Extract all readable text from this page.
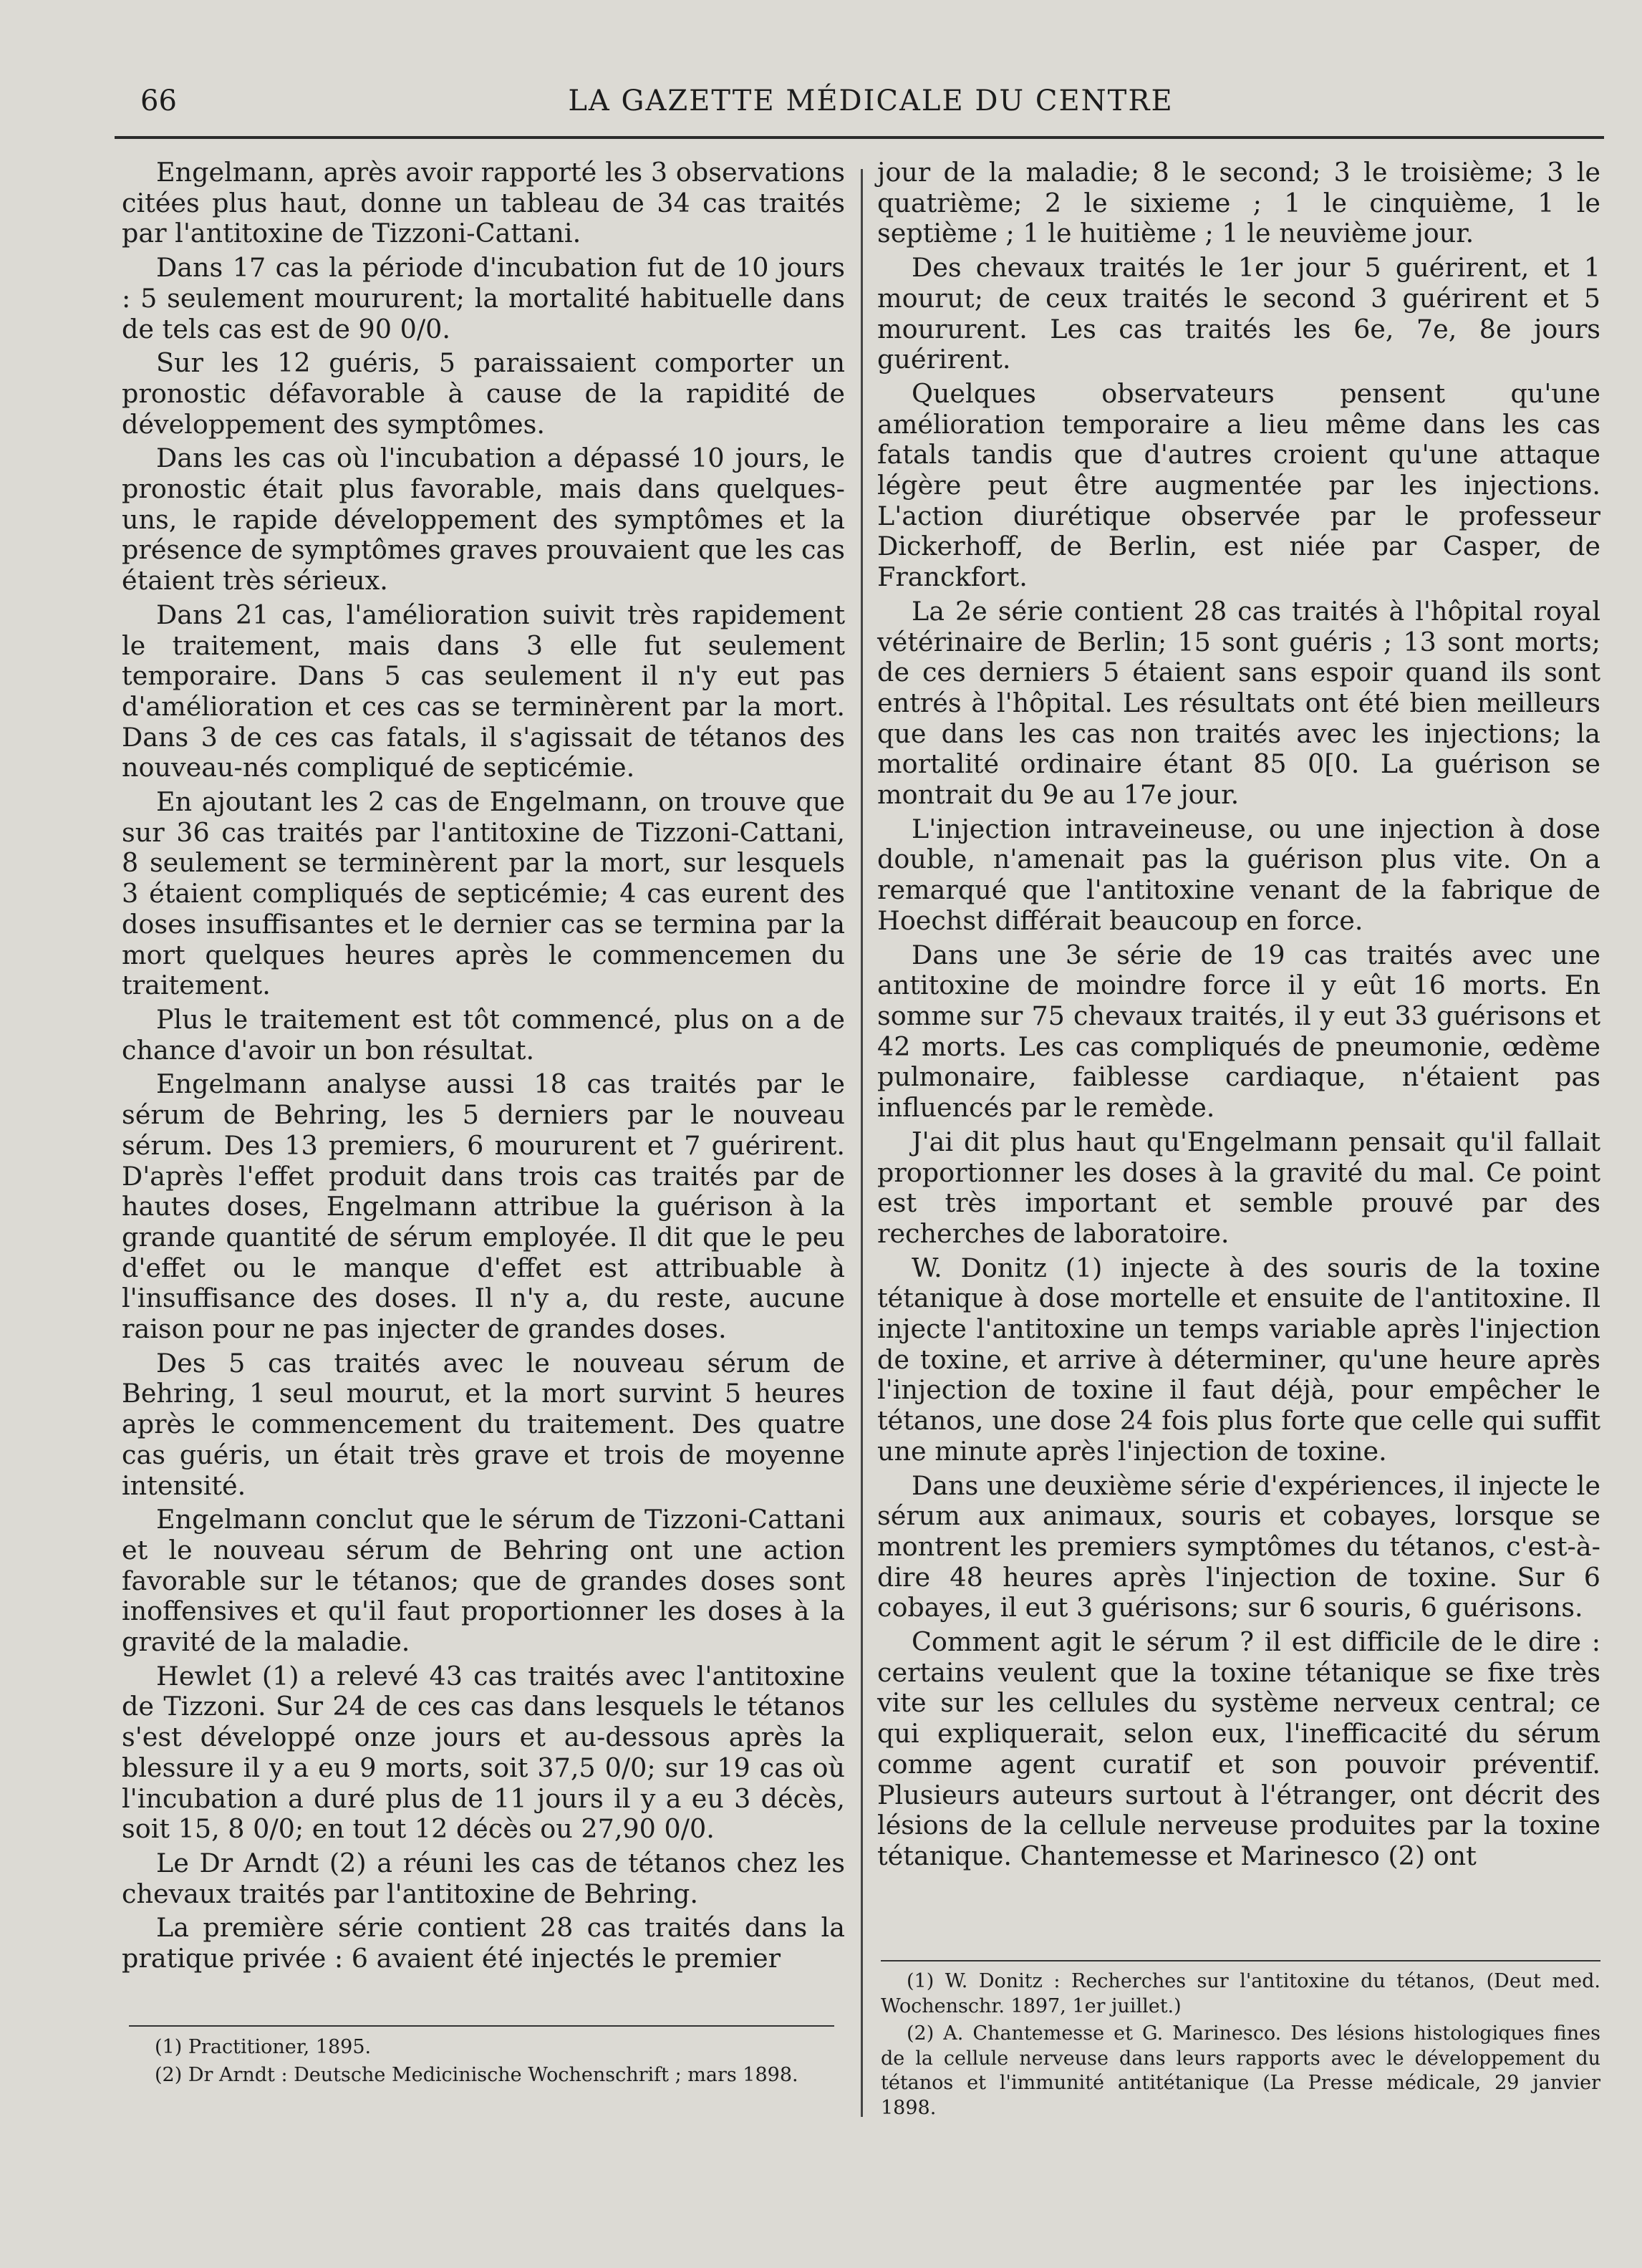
66	LA GAZETTE MÉDICALE DU CENTRE

Engelmann, après avoir rapporté les 3 observations citées plus haut, donne un tableau de 34 cas traités par l'antitoxine de Tizzoni-Cattani.

Dans 17 cas la période d'incubation fut de 10 jours : 5 seulement moururent; la mortalité habituelle dans de tels cas est de 90 0/0.

Sur les 12 guéris, 5 paraissaient comporter un pronostic défavorable à cause de la rapidité de développement des symptômes.

Dans les cas où l'incubation a dépassé 10 jours, le pronostic était plus favorable, mais dans quelques-uns, le rapide développement des symptômes et la présence de symptômes graves prouvaient que les cas étaient très sérieux.

Dans 21 cas, l'amélioration suivit très rapidement le traitement, mais dans 3 elle fut seulement temporaire. Dans 5 cas seulement il n'y eut pas d'amélioration et ces cas se terminèrent par la mort. Dans 3 de ces cas fatals, il s'agissait de tétanos des nouveau-nés compliqué de septicémie.

En ajoutant les 2 cas de Engelmann, on trouve que sur 36 cas traités par l'antitoxine de Tizzoni-Cattani, 8 seulement se terminèrent par la mort, sur lesquels 3 étaient compliqués de septicémie; 4 cas eurent des doses insuffisantes et le dernier cas se termina par la mort quelques heures après le commencemen du traitement.

Plus le traitement est tôt commencé, plus on a de chance d'avoir un bon résultat.

Engelmann analyse aussi 18 cas traités par le sérum de Behring, les 5 derniers par le nouveau sérum. Des 13 premiers, 6 moururent et 7 guérirent. D'après l'effet produit dans trois cas traités par de hautes doses, Engelmann attribue la guérison à la grande quantité de sérum employée. Il dit que le peu d'effet ou le manque d'effet est attribuable à l'insuffisance des doses. Il n'y a, du reste, aucune raison pour ne pas injecter de grandes doses.

Des 5 cas traités avec le nouveau sérum de Behring, 1 seul mourut, et la mort survint 5 heures après le commencement du traitement. Des quatre cas guéris, un était très grave et trois de moyenne intensité.

Engelmann conclut que le sérum de Tizzoni-Cattani et le nouveau sérum de Behring ont une action favorable sur le tétanos; que de grandes doses sont inoffensives et qu'il faut proportionner les doses à la gravité de la maladie.

Hewlet (1) a relevé 43 cas traités avec l'antitoxine de Tizzoni. Sur 24 de ces cas dans lesquels le tétanos s'est développé onze jours et au-dessous après la blessure il y a eu 9 morts, soit 37,5 0/0; sur 19 cas où l'incubation a duré plus de 11 jours il y a eu 3 décès, soit 15, 8 0/0; en tout 12 décès ou 27,90 0/0.

Le Dr Arndt (2) a réuni les cas de tétanos chez les chevaux traités par l'antitoxine de Behring.

La première série contient 28 cas traités dans la pratique privée : 6 avaient été injectés le premier

jour de la maladie; 8 le second; 3 le troisième; 3 le quatrième; 2 le sixieme ; 1 le cinquième, 1 le septième ; 1 le huitième ; 1 le neuvième jour.

Des chevaux traités le 1er jour 5 guérirent, et 1 mourut; de ceux traités le second 3 guérirent et 5 moururent. Les cas traités les 6e, 7e, 8e jours guérirent.

Quelques observateurs pensent qu'une amélioration temporaire a lieu même dans les cas fatals tandis que d'autres croient qu'une attaque légère peut être augmentée par les injections. L'action diurétique observée par le professeur Dickerhoff, de Berlin, est niée par Casper, de Franckfort.

La 2e série contient 28 cas traités à l'hôpital royal vétérinaire de Berlin; 15 sont guéris ; 13 sont morts; de ces derniers 5 étaient sans espoir quand ils sont entrés à l'hôpital. Les résultats ont été bien meilleurs que dans les cas non traités avec les injections; la mortalité ordinaire étant 85 0[0. La guérison se montrait du 9e au 17e jour.

L'injection intraveineuse, ou une injection à dose double, n'amenait pas la guérison plus vite. On a remarqué que l'antitoxine venant de la fabrique de Hoechst différait beaucoup en force.

Dans une 3e série de 19 cas traités avec une antitoxine de moindre force il y eût 16 morts. En somme sur 75 chevaux traités, il y eut 33 guérisons et 42 morts. Les cas compliqués de pneumonie, œdème pulmonaire, faiblesse cardiaque, n'étaient pas influencés par le remède.

J'ai dit plus haut qu'Engelmann pensait qu'il fallait proportionner les doses à la gravité du mal. Ce point est très important et semble prouvé par des recherches de laboratoire.

W. Donitz (1) injecte à des souris de la toxine tétanique à dose mortelle et ensuite de l'antitoxine. Il injecte l'antitoxine un temps variable après l'injection de toxine, et arrive à déterminer, qu'une heure après l'injection de toxine il faut déjà, pour empêcher le tétanos, une dose 24 fois plus forte que celle qui suffit une minute après l'injection de toxine.

Dans une deuxième série d'expériences, il injecte le sérum aux animaux, souris et cobayes, lorsque se montrent les premiers symptômes du tétanos, c'est-à-dire 48 heures après l'injection de toxine. Sur 6 cobayes, il eut 3 guérisons; sur 6 souris, 6 guérisons.

Comment agit le sérum ? il est difficile de le dire : certains veulent que la toxine tétanique se fixe très vite sur les cellules du système nerveux central; ce qui expliquerait, selon eux, l'inefficacité du sérum comme agent curatif et son pouvoir préventif. Plusieurs auteurs surtout à l'étranger, ont décrit des lésions de la cellule nerveuse produites par la toxine tétanique. Chantemesse et Marinesco (2) ont

(1) Practitioner, 1895.

(2) Dr Arndt : Deutsche Medicinische Wochenschrift ; mars 1898.

(1) W. Donitz : Recherches sur l'antitoxine du tétanos, (Deut med. Wochenschr. 1897, 1er juillet.)

(2) A. Chantemesse et G. Marinesco. Des lésions histologiques fines de la cellule nerveuse dans leurs rapports avec le développement du tétanos et l'immunité antitétanique (La Presse médicale, 29 janvier 1898.
